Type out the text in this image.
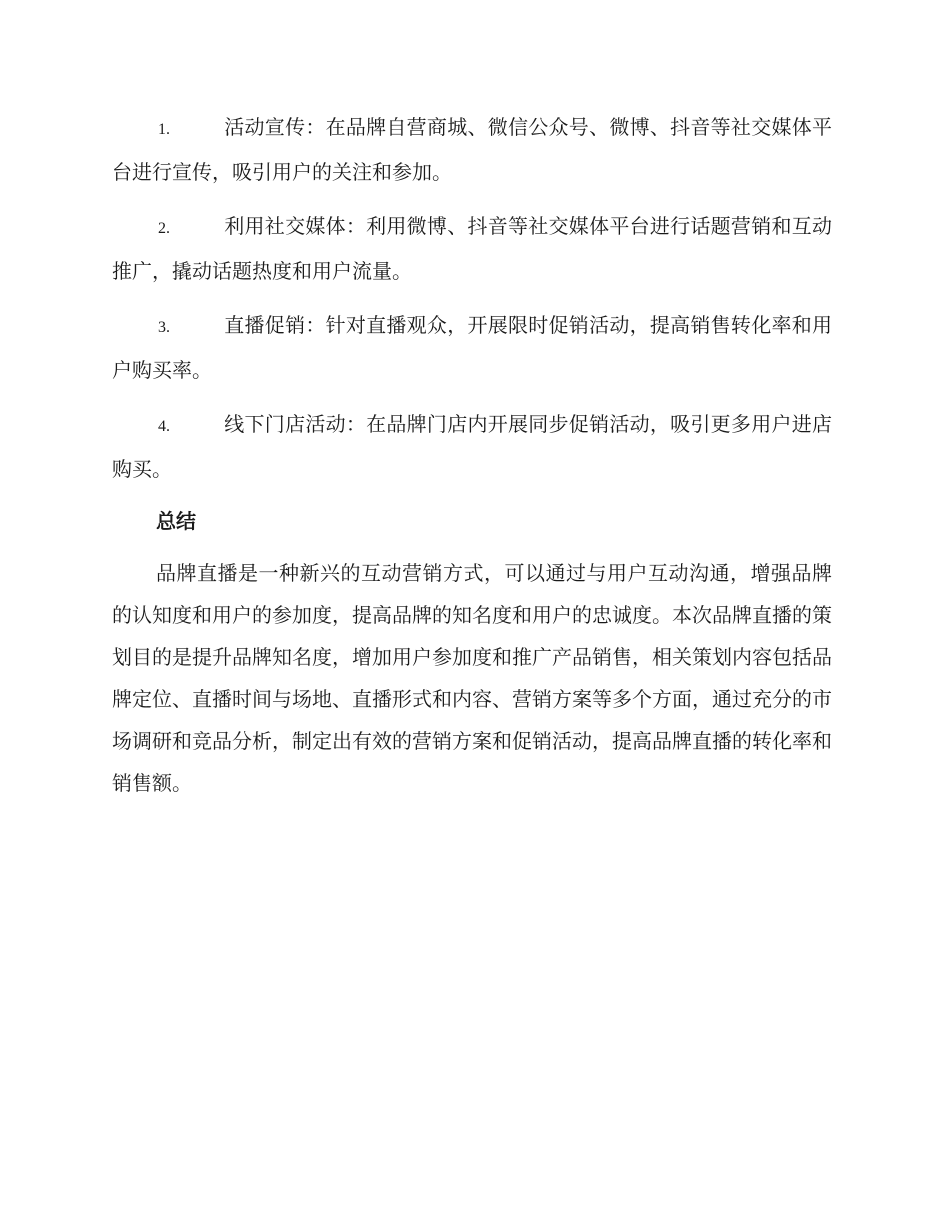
1.	活动宣传：在品牌自营商城、微信公众号、微博、抖音等社交媒体平台进行宣传，吸引用户的关注和参加。
2.	利用社交媒体：利用微博、抖音等社交媒体平台进行话题营销和互动推广，撬动话题热度和用户流量。
3.	直播促销：针对直播观众，开展限时促销活动，提高销售转化率和用户购买率。
4.	线下门店活动：在品牌门店内开展同步促销活动，吸引更多用户进店购买。
总结
品牌直播是一种新兴的互动营销方式，可以通过与用户互动沟通，增强品牌的认知度和用户的参加度，提高品牌的知名度和用户的忠诚度。本次品牌直播的策划目的是提升品牌知名度，增加用户参加度和推广产品销售，相关策划内容包括品牌定位、直播时间与场地、直播形式和内容、营销方案等多个方面，通过充分的市场调研和竞品分析，制定出有效的营销方案和促销活动，提高品牌直播的转化率和销售额。
